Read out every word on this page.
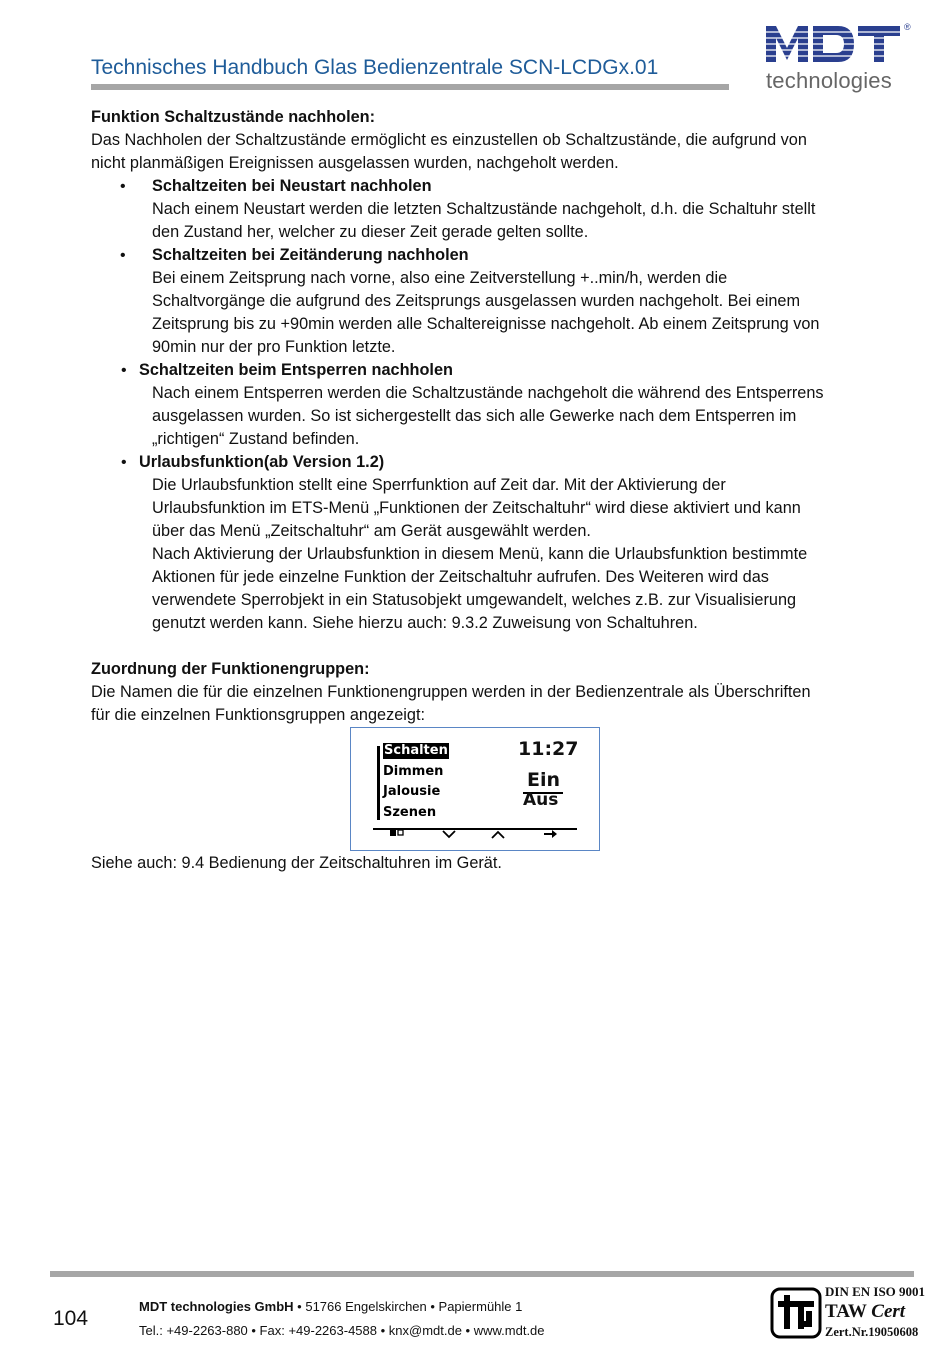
Technisches Handbuch Glas Bedienzentrale SCN-LCDGx.01
®
technologies

Funktion Schaltzustände nachholen:

Das Nachholen der Schaltzustände ermöglicht es einzustellen ob Schaltzustände, die aufgrund von

nicht planmäßigen Ereignissen ausgelassen wurden, nachgeholt werden.

• Schaltzeiten bei Neustart nachholen
Nach einem Neustart werden die letzten Schaltzustände nachgeholt, d.h. die Schaltuhr stellt
den Zustand her, welcher zu dieser Zeit gerade gelten sollte.
• Schaltzeiten bei Zeitänderung nachholen
Bei einem Zeitsprung nach vorne, also eine Zeitverstellung +..min/h, werden die
Schaltvorgänge die aufgrund des Zeitsprungs ausgelassen wurden nachgeholt. Bei einem
Zeitsprung bis zu +90min werden alle Schaltereignisse nachgeholt. Ab einem Zeitsprung von
90min nur der pro Funktion letzte.
• Schaltzeiten beim Entsperren nachholen
Nach einem Entsperren werden die Schaltzustände nachgeholt die während des Entsperrens
ausgelassen wurden. So ist sichergestellt das sich alle Gewerke nach dem Entsperren im
„richtigen“ Zustand befinden.
• Urlaubsfunktion(ab Version 1.2)
Die Urlaubsfunktion stellt eine Sperrfunktion auf Zeit dar. Mit der Aktivierung der
Urlaubsfunktion im ETS-Menü „Funktionen der Zeitschaltuhr“ wird diese aktiviert und kann
über das Menü „Zeitschaltuhr“ am Gerät ausgewählt werden.
Nach Aktivierung der Urlaubsfunktion in diesem Menü, kann die Urlaubsfunktion bestimmte
Aktionen für jede einzelne Funktion der Zeitschaltuhr aufrufen. Des Weiteren wird das
verwendete Sperrobjekt in ein Statusobjekt umgewandelt, welches z.B. zur Visualisierung
genutzt werden kann. Siehe hierzu auch: 9.3.2 Zuweisung von Schaltuhren.

Zuordnung der Funktionengruppen:

Die Namen die für die einzelnen Funktionengruppen werden in der Bedienzentrale als Überschriften

für die einzelnen Funktionsgruppen angezeigt:

Schalten
Dimmen
Jalousie
Szenen
11:27
Ein
Aus
Siehe auch: 9.4 Bedienung der Zeitschaltuhren im Gerät.
104
MDT technologies GmbH • 51766 Engelskirchen • Papiermühle 1
Tel.: +49-2263-880 • Fax: +49-2263-4588 • knx@mdt.de • www.mdt.de
DIN EN ISO 9001
TAW Cert
Zert.Nr.19050608
